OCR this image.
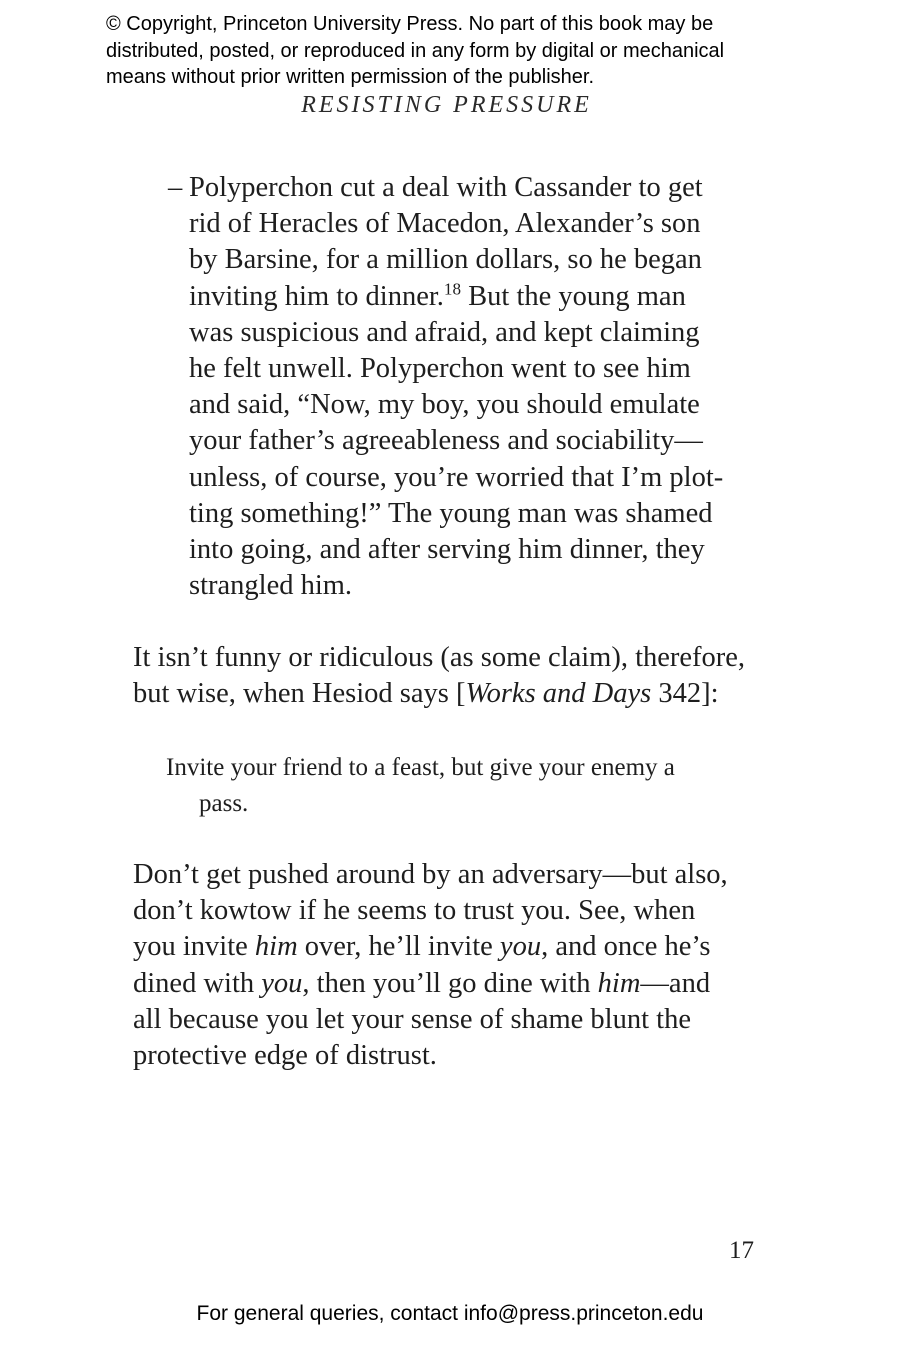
© Copyright, Princeton University Press. No part of this book may be
distributed, posted, or reproduced in any form by digital or mechanical
means without prior written permission of the publisher.
RESISTING PRESSURE
– Polyperchon cut a deal with Cassander to get
rid of Heracles of Macedon, Alexander’s son
by Barsine, for a million dollars, so he began
inviting him to dinner.$^{18}$ But the young man
was suspicious and afraid, and kept claiming
he felt unwell. Polyperchon went to see him
and said, “Now, my boy, you should emulate
your father’s agreeableness and sociability—
unless, of course, you’re worried that I’m plot-
ting something!” The young man was shamed
into going, and after serving him dinner, they
strangled him.
It isn’t funny or ridiculous (as some claim), therefore,
but wise, when Hesiod says [Works and Days 342]:
Invite your friend to a feast, but give your enemy a
pass.
Don’t get pushed around by an adversary—but also,
don’t kowtow if he seems to trust you. See, when
you invite him over, he’ll invite you, and once he’s
dined with you, then you’ll go dine with him—and
all because you let your sense of shame blunt the
protective edge of distrust.
17
For general queries, contact info@press.princeton.edu
